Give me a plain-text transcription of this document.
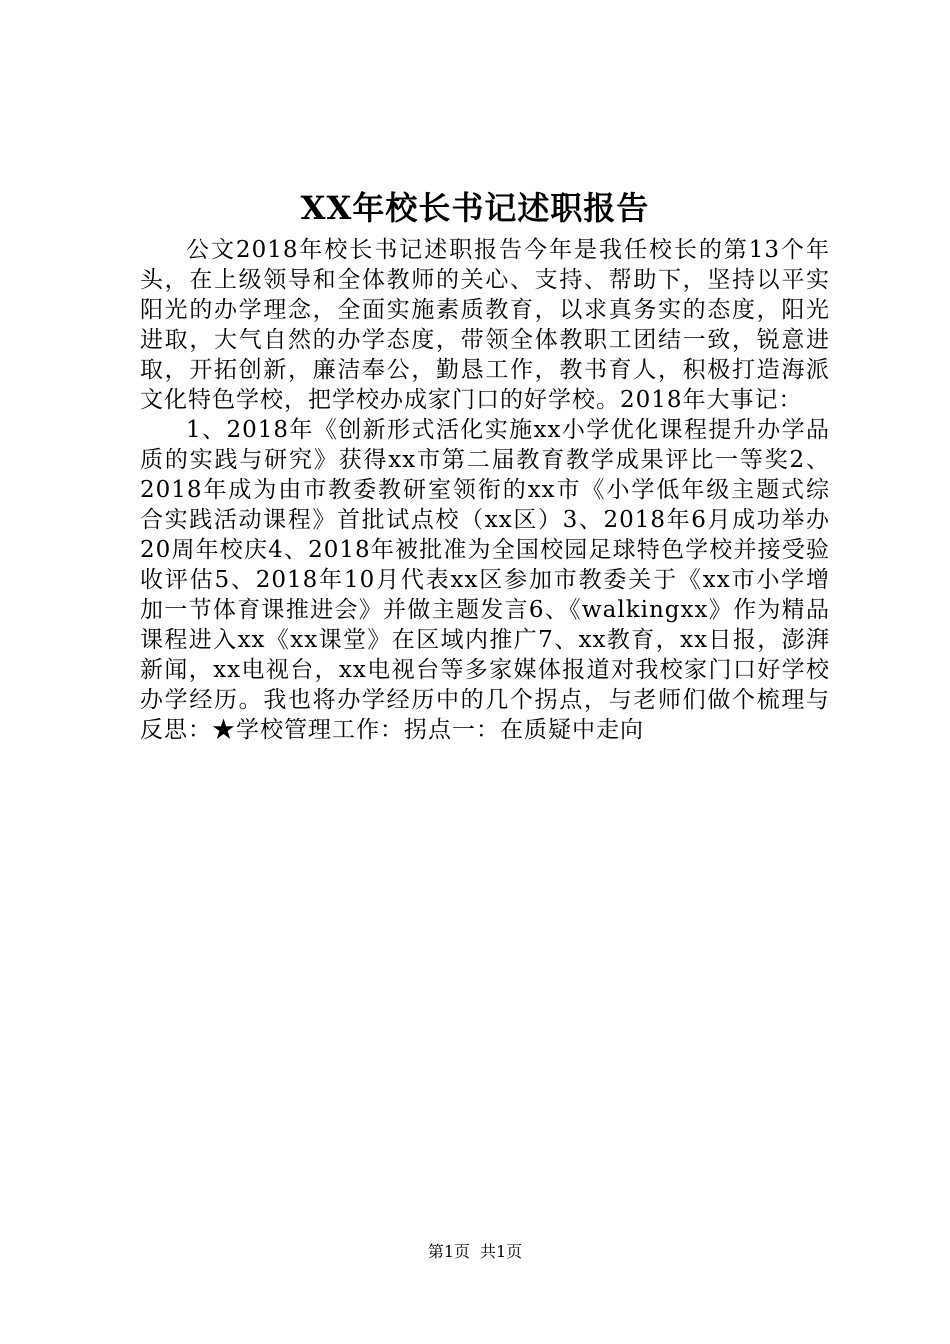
XX年校长书记述职报告

公文2018年校长书记述职报告今年是我任校长的第13个年头，在上级领导和全体教师的关心、支持、帮助下，坚持以平实阳光的办学理念，全面实施素质教育，以求真务实的态度，阳光进取，大气自然的办学态度，带领全体教职工团结一致，锐意进取，开拓创新，廉洁奉公，勤恳工作，教书育人，积极打造海派文化特色学校，把学校办成家门口的好学校。2018年大事记：

1、2018年《创新形式活化实施xx小学优化课程提升办学品质的实践与研究》获得xx市第二届教育教学成果评比一等奖2、2018年成为由市教委教研室领衔的xx市《小学低年级主题式综合实践活动课程》首批试点校（xx区）3、2018年6月成功举办20周年校庆4、2018年被批准为全国校园足球特色学校并接受验收评估5、2018年10月代表xx区参加市教委关于《xx市小学增加一节体育课推进会》并做主题发言6、《walkingxx》作为精品课程进入xx《xx课堂》在区域内推广7、xx教育，xx日报，澎湃新闻，xx电视台，xx电视台等多家媒体报道对我校家门口好学校办学经历。我也将办学经历中的几个拐点，与老师们做个梳理与反思：★学校管理工作：拐点一：在质疑中走向

第1页 共1页
